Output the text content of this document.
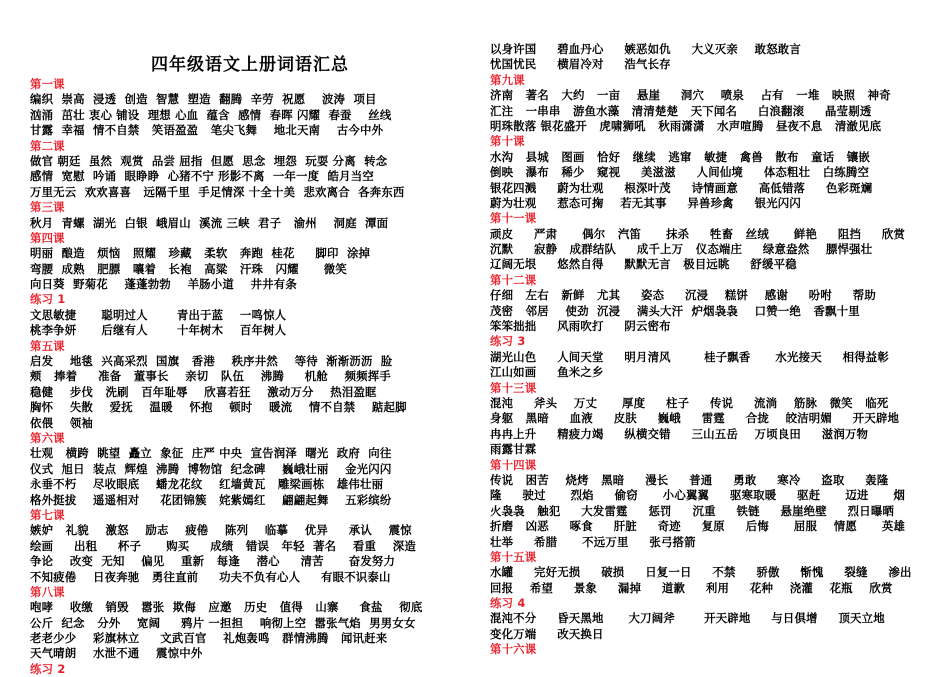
四年级语文上册词语汇总
第一课
编织  崇高  浸透  创造  智慧  塑造  翻腾  辛劳  祝愿    波涛  项目
汹涌  茁壮 衷心 铺设  理想 心血  蕴含  感情  春晖 闪耀  春蚕    丝线
甘露  幸福  情不自禁   笑语盈盈   笔尖飞舞    地北天南    古今中外
第二课
做官 朝廷  虽然  观赏  品尝 屈指  但愿  思念  埋怨  玩耍 分离  转念
感情  宽慰  吟诵  眼睁睁  心猪不宁 形影不离  一年一度  皓月当空
万里无云  欢欢喜喜   远隔千里  手足情深 十全十美  悲欢离合  各奔东西
第三课
秋月  青螺  湖光  白银  峨眉山  溪流 三峡  君子   渝州    洞庭  潭面
第四课
明丽  酿造   烦恼   照耀   珍藏   柔软   奔跑  桂花     脚印  涂掉
弯腰  成熟   肥膘   嚷着   长袍   高粱   汗珠   闪耀      微笑
向日葵  野菊花    蓬蓬勃勃    羊肠小道    井井有条
练习 1
文思敏捷      聪明过人       青出于蓝    一鸣惊人
桃李争妍      后继有人       十年树木    百年树人
第五课
启发    地毯  兴高采烈  国旗   香港    秩序井然    等待  渐渐沥沥  脸
颊   捧着     准备   董事长    亲切   队伍    沸腾     机舱    频频挥手
稳健    步伐   洗刷   百年耻辱    欣喜若狂    激动万分    热泪盈眶
胸怀    失散    爱抚    温暖    怀抱    顿时    暖流    情不自禁    踮起脚
依偎    领袖
第六课
壮观   横跨  眺望  矗立  象征  庄严 中央  宣告润泽  曙光  政府  向往
仪式  旭日  装点  辉煌  沸腾  博物馆  纪念碑    巍峨壮丽    金光闪闪
永垂不朽    尽收眼底    蟠龙花纹    红墙黄瓦   雕梁画栋   雄伟壮丽
格外挺拔    遥遥相对     花团锦簇   姹紫嫣红    翩翩起舞    五彩缤纷
第七课
嫉妒   礼貌    激怒    励志    疲倦    陈列    临摹    优异     承认    震惊
绘画     出租     杯子      购买     成绩   错误   年轻  著名    看重    深造
争论    改变  无知    偏见    重新   每逢    潜心     清苦      奋发努力
不知疲倦    日夜奔驰   勇往直前     功夫不负有心人     有眼不识泰山
第八课
咆哮    收缴   销毁   嚣张  欺侮   应邀   历史   值得   山寨     食盐    彻底
公斤  纪念   分外    宽阔     鸦片 一担担    响彻上空  嚣张气焰  男男女女
老老少少    彩旗林立     文武百官    礼炮轰鸣   群情沸腾   闻讯赶来
天气晴朗    水泄不通    震惊中外
练习 2
以身许国     碧血丹心     嫉恶如仇     大义灭亲    敢怒敢言
忧国忧民     横眉冷对     浩气长存
第九课
济南   著名   大约   一亩    悬崖     洞穴    喷泉    占有   一堆   映照   神奇
汇注   一串串   游鱼水藻   清清楚楚   天下闻名     白浪翻滚     晶莹剔透
明珠散落 银花盛开   虎啸狮吼   秋雨潇潇   水声喧腾   昼夜不息   清澈见底
第十课
水沟   县城   图画   恰好   继续   逃窜   敏捷   禽兽   散布   童话   镶嵌
倒映   瀑布   稀少   窥视     美滋滋     人间仙境     体态粗壮   白练腾空
银花四溅     蔚为壮观     根深叶茂     诗情画意     高低错落     色彩斑斓
蔚为壮观     惹态可掬    若无其事     异兽珍禽     银光闪闪
第十一课
顽皮     严肃      偶尔   汽笛      抹杀     牲畜   丝绒      鲜艳     阻挡     欣赏
沉默     寂静   成群结队     成千上万   仪态端庄     绿意盎然    膘悍强壮
辽阔无垠     悠然自得     默默无言   极目远眺     舒缓平稳
第十二课
仔细   左右   新鲜   尤其     姿态     沉浸    糕饼    感谢     吩咐     帮助
茂密   邻居    使劲  沉浸    满头大汗  炉烟袅袅    口赞一绝   香飘十里
笨笨拙拙     风雨吹打     阴云密布
练习 3
湖光山色     人间天堂     明月清风        桂子飘香      水光接天     相得益彰
江山如画     鱼米之乡
第十三课
混沌     斧头    万丈      厚度     柱子     传说     流淌    筋脉   微笑   临死
身躯   黑暗     血液     皮肤     巍峨     雷霆     合拢    皎洁明媚     开天辟地
冉冉上升     精疲力竭     纵横交错     三山五岳    万顷良田     滋润万物
雨露甘霖
第十四课
传说   困苦    烧烤   黑暗     漫长     普通     勇敢     寒冷     盗取     轰隆
隆     驶过      烈焰     偷窃      小心翼翼     驱寒取暖     驱赶      迈进      烟
火袅袅   触犯     大发雷霆     惩罚     沉重     铁链     悬崖绝壁     烈日曝晒
折磨   凶恶     啄食     肝脏     奇迹     复原     后悔      屈服    情愿      英雄
壮举     希腊      不远万里     张弓搭箭
第十五课
水罐     完好无损     破损     日复一日     不禁     骄傲     惭愧     裂缝     渗出
回报    希望     景象     漏掉     道歉     利用     花种    浇灌    花瓶    欣赏
练习 4
混沌不分     昏天黑地      大刀阔斧       开天辟地     与日俱增     顶天立地
变化万端     改天换日
第十六课
